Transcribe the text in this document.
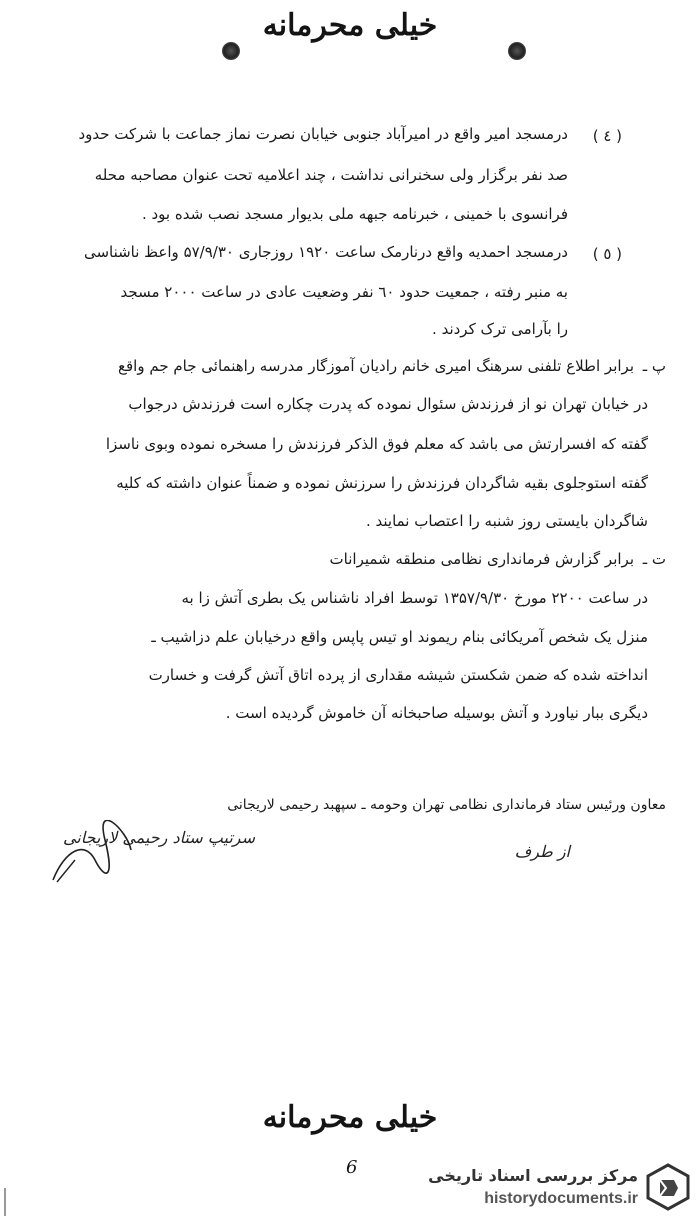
خیلی محرمانه
( ٤ )
درمسجد امیر واقع در امیرآباد جنوبی خیابان نصرت نماز جماعت با شرکت حدود
صد نفر برگزار ولی سخنرانی نداشت ، چند اعلامیه تحت عنوان مصاحبه محله
فرانسوی با خمینی ، خبرنامه جبهه ملی بدیوار مسجد نصب شده بود .
( ٥ )
درمسجد احمدیه واقع درنارمک ساعت ١٩٢٠ روزجاری ۵۷/۹/۳۰ واعظ ناشناسی
به منبر رفته ، جمعیت حدود ٦٠ نفر وضعیت عادی در ساعت ٢٠٠٠ مسجد
را بآرامی ترک کردند .
پ ـ
برابر اطلاع تلفنی سرهنگ امیری خانم رادیان آموزگار مدرسه راهنمائی جام جم واقع
در خیابان تهران نو از فرزندش سئوال نموده که پدرت چکاره است فرزندش درجواب
گفته که افسرارتش می باشد که معلم فوق الذکر فرزندش را مسخره نموده وبوی ناسزا
گفته استوجلوی بقیه شاگردان فرزندش را سرزنش نموده و ضمناً عنوان داشته که کلیه
شاگردان بایستی روز شنبه را اعتصاب نمایند .
ت ـ
برابر گزارش فرمانداری نظامی منطقه شمیرانات
در ساعت ٢٢٠٠ مورخ ۱۳۵۷/۹/۳۰ توسط افراد ناشناس یک بطری آتش زا به
منزل یک شخص آمریکائی بنام ریموند او تیس پاپس واقع درخیابان علم دزاشیب ـ
انداخته شده که ضمن شکستن شیشه مقداری از پرده اتاق آتش گرفت و خسارت
دیگری ببار نیاورد و آتش بوسیله صاحبخانه آن خاموش گردیده است .
معاون ورئیس ستاد فرمانداری نظامی تهران وحومه ـ سپهبد رحیمی لاریجانی
سرتیپ ستاد رحیمی لاریجانی
از طرف
خیلی محرمانه
6	مرکز بررسی اسناد تاریخی
historydocuments.ir
